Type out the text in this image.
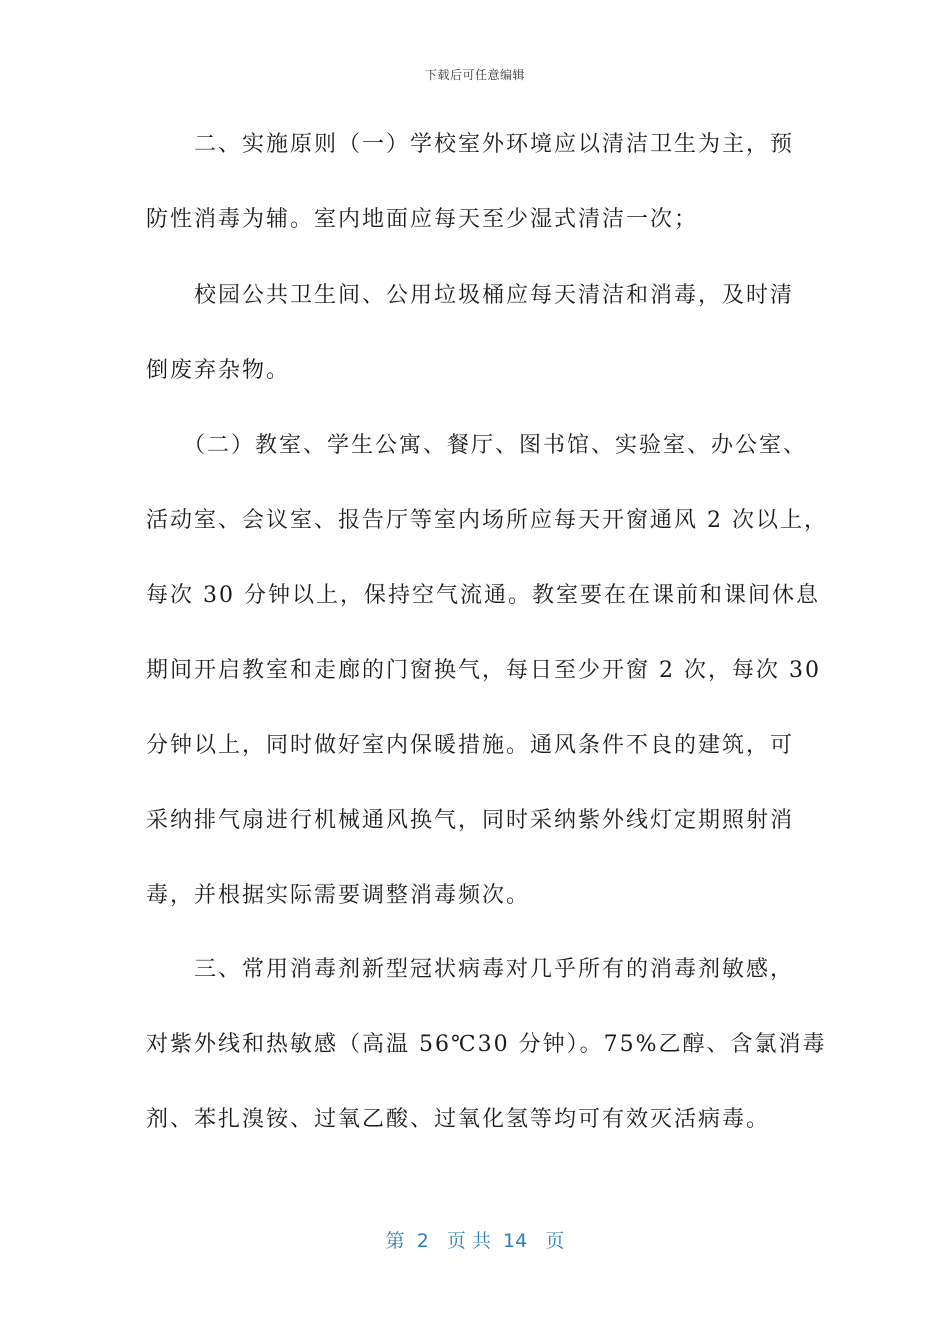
下载后可任意编辑
　　二、实施原则（一）学校室外环境应以清洁卫生为主，预
防性消毒为辅。室内地面应每天至少湿式清洁一次；
　　校园公共卫生间、公用垃圾桶应每天清洁和消毒，及时清
倒废弃杂物。
　　（二）教室、学生公寓、餐厅、图书馆、实验室、办公室、
活动室、会议室、报告厅等室内场所应每天开窗通风 2 次以上，
每次 30 分钟以上，保持空气流通。教室要在在课前和课间休息
期间开启教室和走廊的门窗换气，每日至少开窗 2 次，每次 30
分钟以上，同时做好室内保暖措施。通风条件不良的建筑，可
采纳排气扇进行机械通风换气，同时采纳紫外线灯定期照射消
毒，并根据实际需要调整消毒频次。
　　三、常用消毒剂新型冠状病毒对几乎所有的消毒剂敏感，
对紫外线和热敏感（高温 56℃30 分钟）。75%乙醇、含氯消毒
剂、苯扎溴铵、过氧乙酸、过氧化氢等均可有效灭活病毒。
第  2   页 共  14   页
